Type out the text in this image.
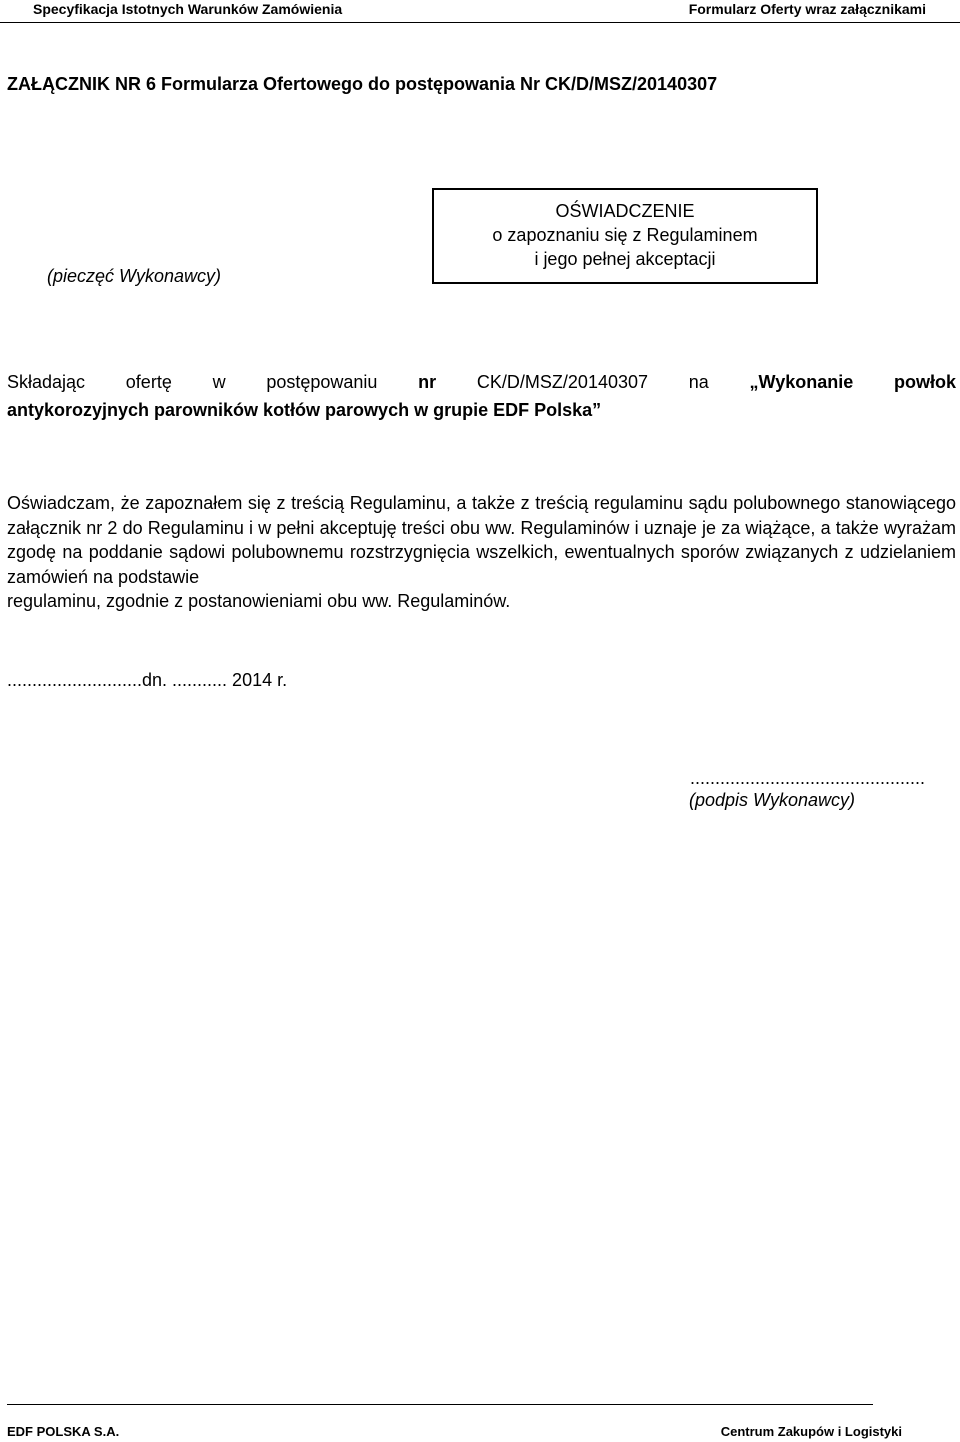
Specyfikacja Istotnych Warunków Zamówienia	Formularz Oferty wraz załącznikami
ZAŁĄCZNIK NR 6 Formularza Ofertowego do postępowania Nr CK/D/MSZ/20140307
(pieczęć Wykonawcy)
OŚWIADCZENIE
o zapoznaniu się z Regulaminem
i jego pełnej akceptacji
Składając ofertę w postępowaniu nr CK/D/MSZ/20140307 na „Wykonanie powłok
antykorozyjnych parowników kotłów parowych w grupie EDF Polska”
Oświadczam, że zapoznałem się z treścią Regulaminu, a także z treścią regulaminu sądu polubownego stanowiącego załącznik nr 2 do Regulaminu i w pełni akceptuję treści obu ww. Regulaminów i uznaje je za wiążące, a także wyrażam zgodę na poddanie sądowi polubownemu rozstrzygnięcia wszelkich, ewentualnych sporów związanych z udzielaniem zamówień na podstawie
regulaminu, zgodnie z postanowieniami obu ww. Regulaminów.
...........................dn. ........... 2014 r.
...............................................
(podpis Wykonawcy)
EDF POLSKA S.A.	Centrum Zakupów i Logistyki
